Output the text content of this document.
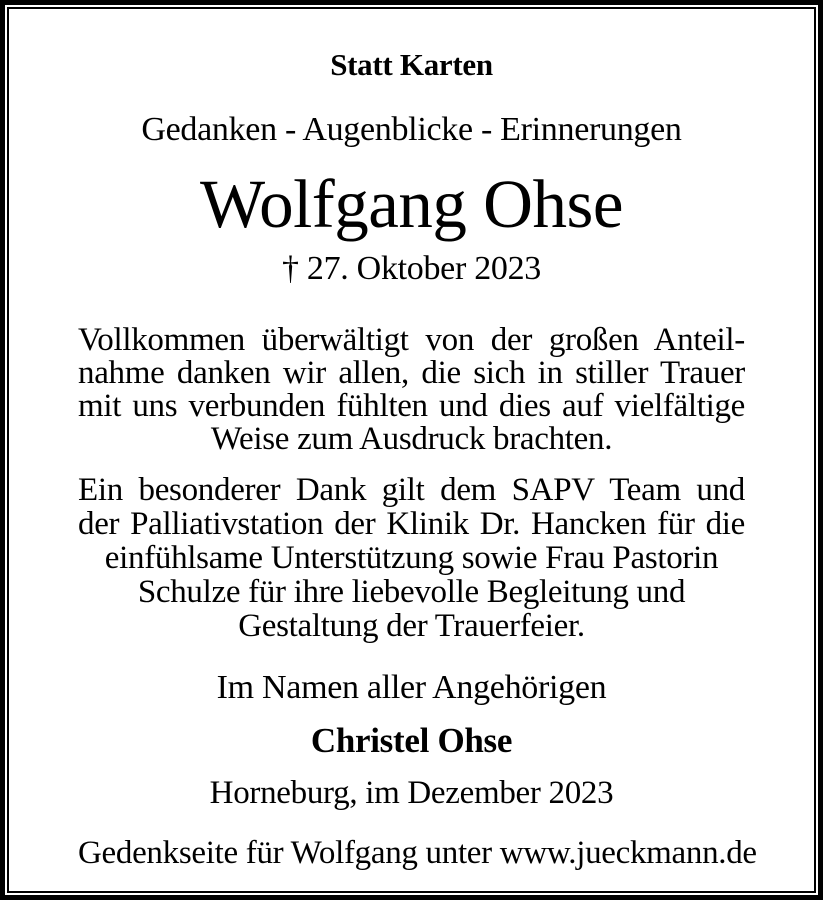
Statt Karten
Gedanken - Augenblicke - Erinnerungen
Wolfgang Ohse
† 27. Oktober 2023
Vollkommen überwältigt von der großen Anteil-
nahme danken wir allen, die sich in stiller Trauer
mit uns verbunden fühlten und dies auf vielfältige
Weise zum Ausdruck brachten.
Ein besonderer Dank gilt dem SAPV Team und
der Palliativstation der Klinik Dr. Hancken für die
einfühlsame Unterstützung sowie Frau Pastorin
Schulze für ihre liebevolle Begleitung und
Gestaltung der Trauerfeier.
Im Namen aller Angehörigen
Christel Ohse
Horneburg, im Dezember 2023
Gedenkseite für Wolfgang unter www.jueckmann.de
